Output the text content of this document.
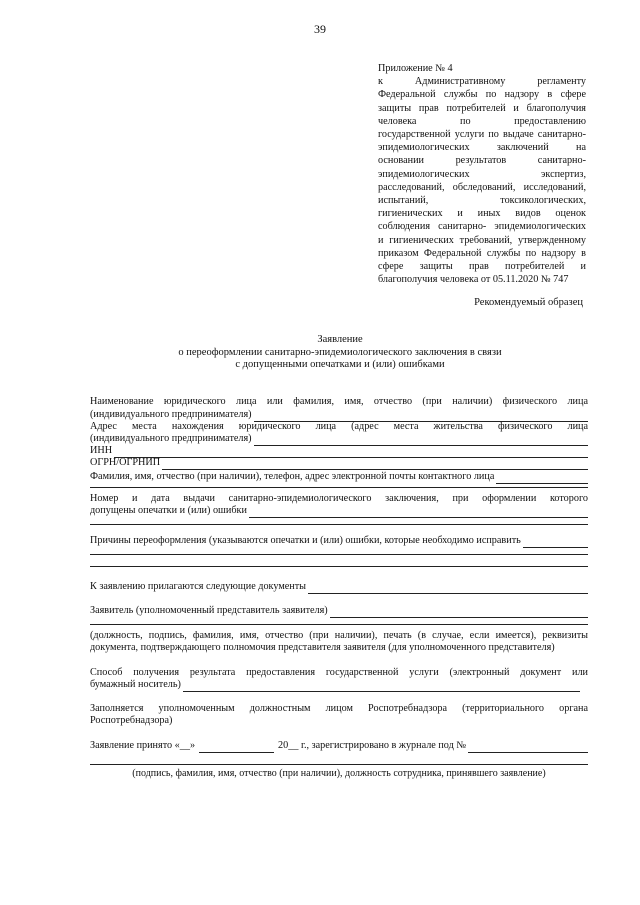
39
Приложение № 4
к Административному регламенту
Федеральной службы по надзору в сфере
защиты прав потребителей и благополучия
человека по предоставлению
государственной услуги по выдаче санитарно-
эпидемиологических заключений на
основании результатов санитарно-
эпидемиологических экспертиз,
расследований, обследований, исследований,
испытаний, токсикологических,
гигиенических и иных видов оценок
соблюдения санитарно- эпидемиологических
и гигиенических требований, утвержденному
приказом Федеральной службы по надзору в
сфере защиты прав потребителей и
благополучия человека от 05.11.2020 № 747
Рекомендуемый образец
Заявление
о переоформлении санитарно-эпидемиологического заключения в связи
с допущенными опечатками и (или) ошибками
Наименование юридического лица или фамилия, имя, отчество (при наличии) физического лица
(индивидуального предпринимателя)
Адрес места нахождения юридического лица (адрес места жительства физического лица
(индивидуального предпринимателя)
ИНН
ОГРН/ОГРНИП
Фамилия, имя, отчество (при наличии), телефон, адрес электронной почты контактного лица
Номер и дата выдачи санитарно-эпидемиологического заключения, при оформлении которого
допущены опечатки и (или) ошибки
Причины переоформления (указываются опечатки и (или) ошибки, которые необходимо исправить
К заявлению прилагаются следующие документы
Заявитель (уполномоченный представитель заявителя)
(должность, подпись, фамилия, имя, отчество (при наличии), печать (в случае, если имеется), реквизиты
документа, подтверждающего полномочия представителя заявителя (для уполномоченного представителя)
Способ получения результата предоставления государственной услуги (электронный документ или
бумажный носитель)
Заполняется уполномоченным должностным лицом Роспотребнадзора (территориального органа
Роспотребнадзора)
Заявление принято «__»	20__ г., зарегистрировано в журнале под №
(подпись, фамилия, имя, отчество (при наличии), должность сотрудника, принявшего заявление)
